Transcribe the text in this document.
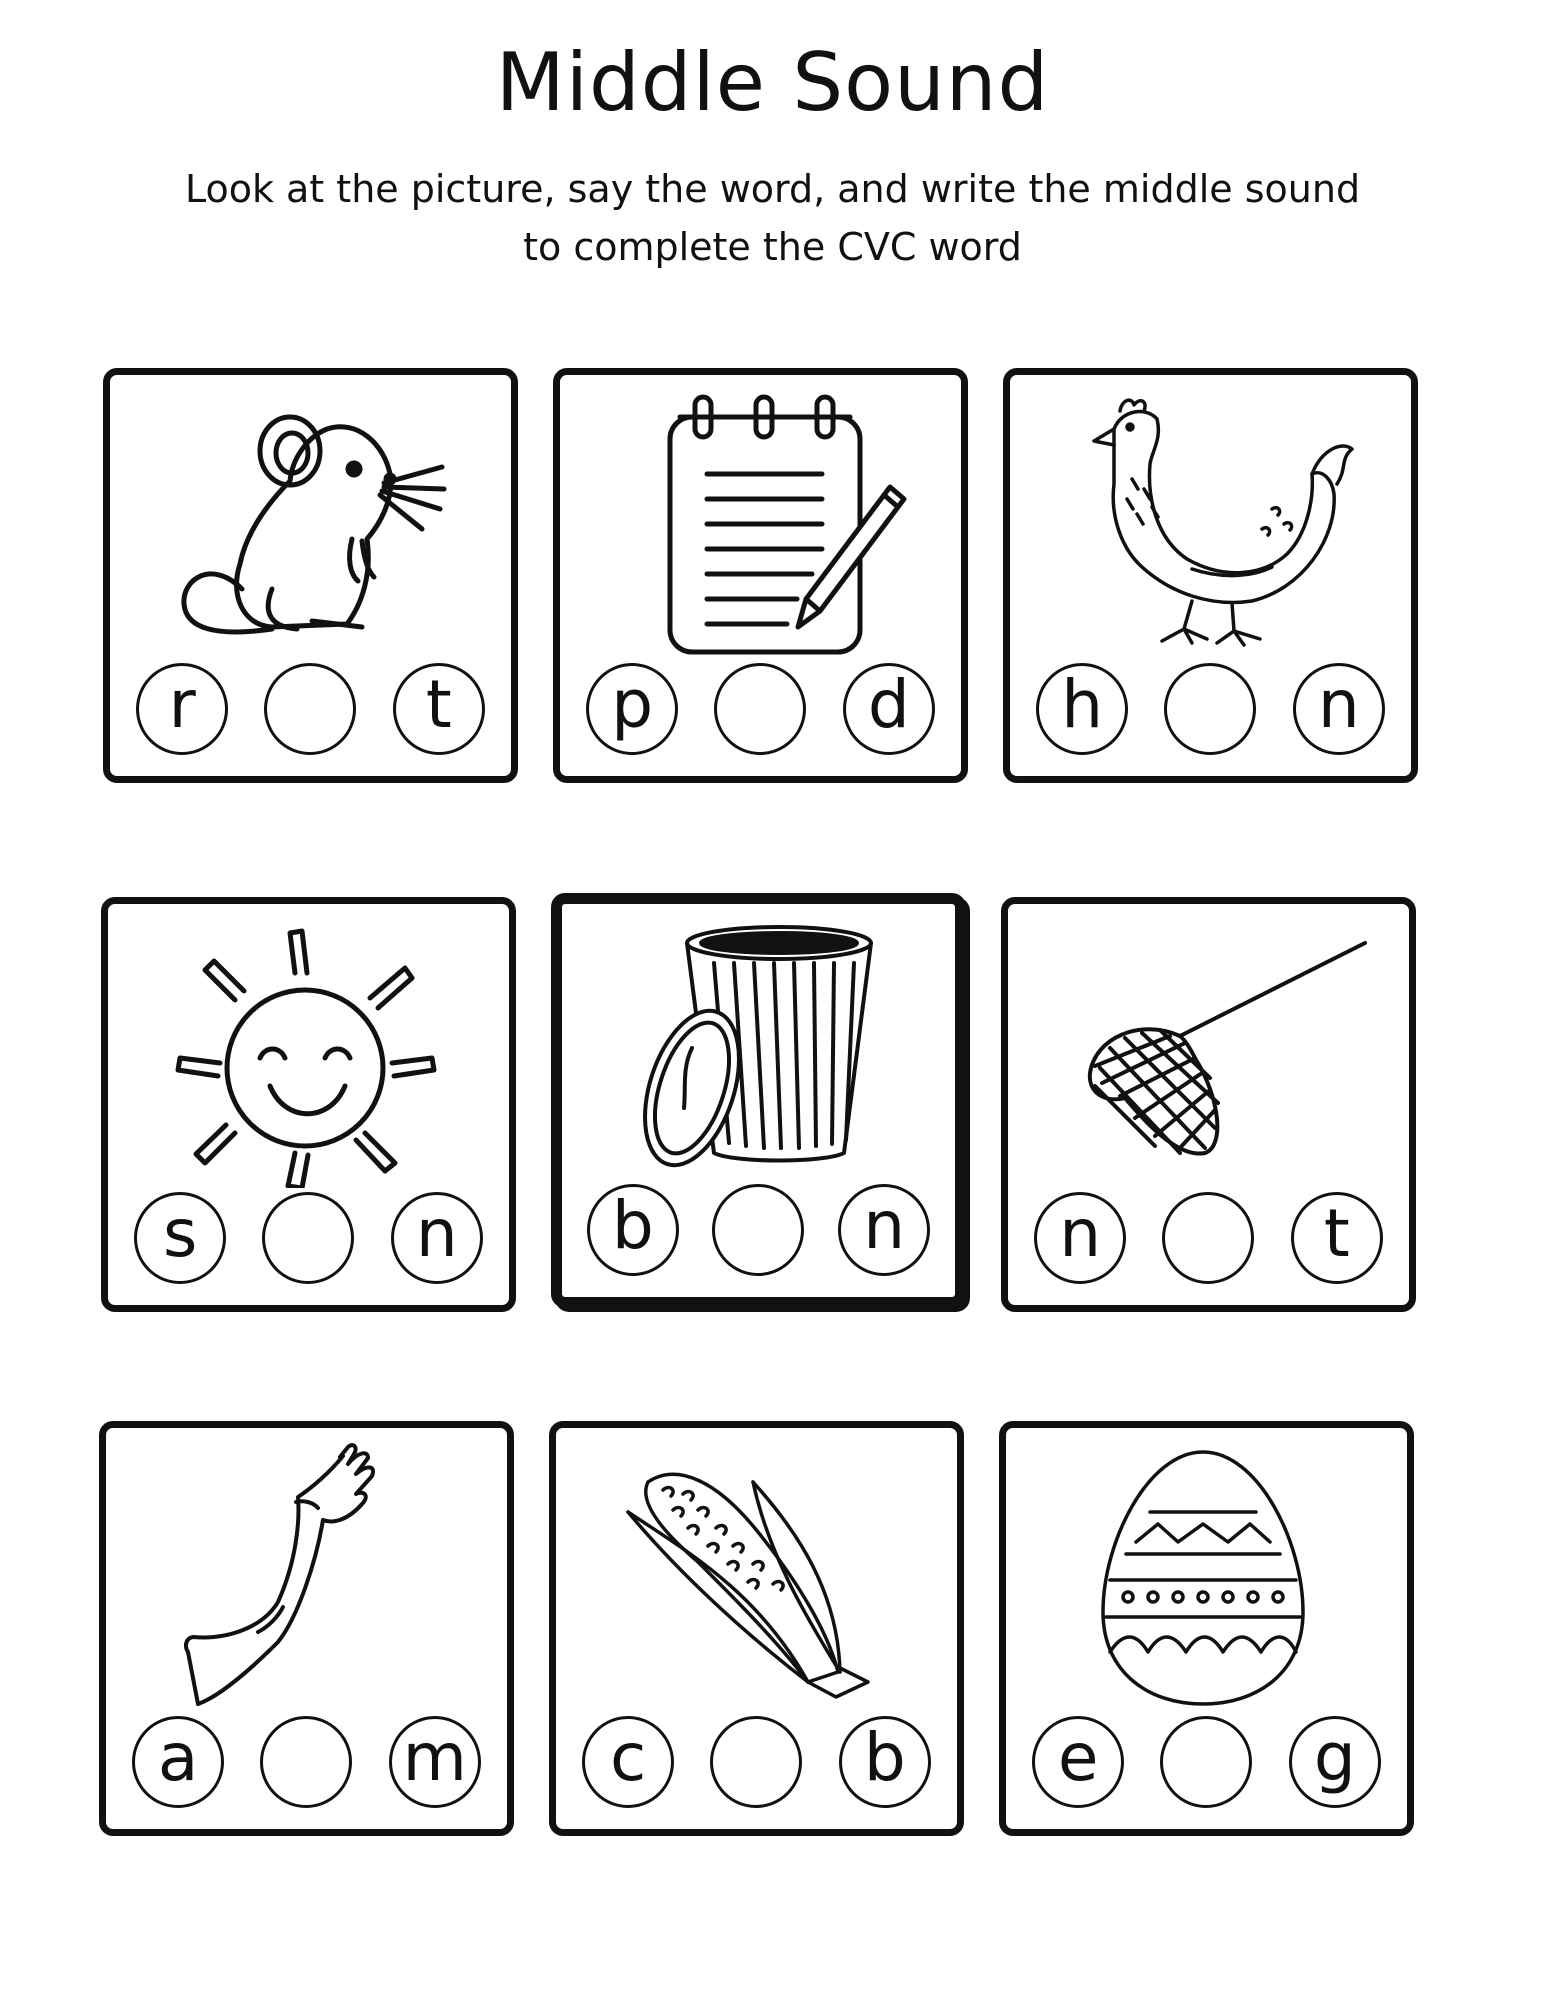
Middle Sound

Look at the picture, say the word, and write the middle sound
to complete the CVC word

r	t p	d h	n
s	n b	n n	t
a	m c	b e	g
